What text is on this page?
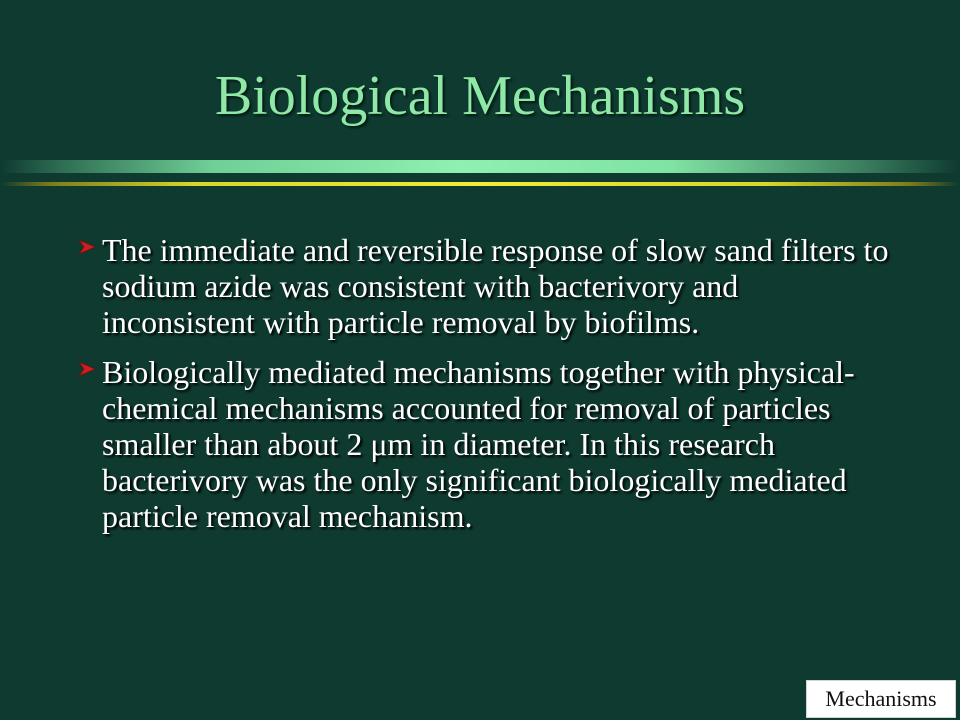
Biological Mechanisms
The immediate and reversible response of slow sand filters to sodium azide was consistent with bacterivory and inconsistent with particle removal by biofilms.
Biologically mediated mechanisms together with physical-chemical mechanisms accounted for removal of particles smaller than about 2 μm in diameter. In this research bacterivory was the only significant biologically mediated particle removal mechanism.
Mechanisms
